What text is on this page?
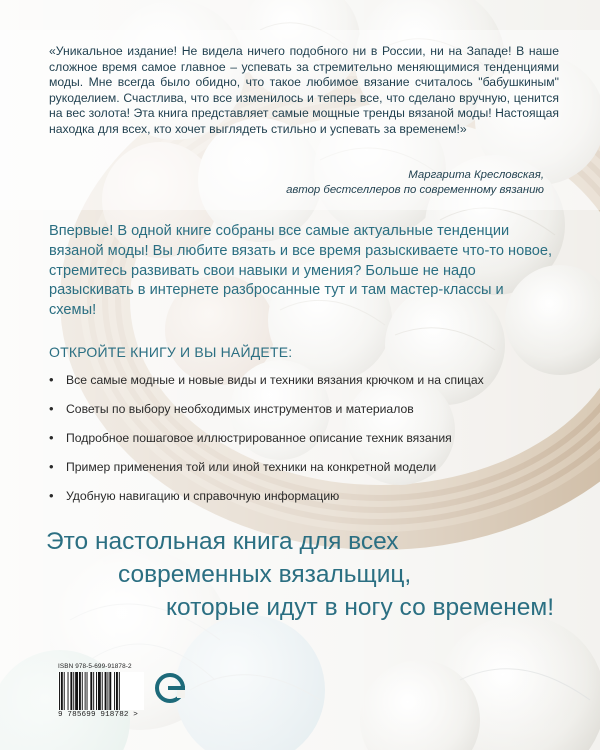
«Уникальное издание! Не видела ничего подобного ни в России, ни на Западе! В наше сложное время самое главное – успевать за стремительно меняющимися тенденциями моды. Мне всегда было обидно, что такое любимое вязание считалось "бабушкиным" рукоделием. Счастлива, что все изменилось и теперь все, что сделано вручную, ценится на вес золота! Эта книга представляет самые мощные тренды вязаной моды! Настоящая находка для всех, кто хочет выглядеть стильно и успевать за временем!»

Маргарита Кресловская,
автор бестселлеров по современному вязанию
Впервые! В одной книге собраны все самые актуальные тенденции вязаной моды! Вы любите вязать и все время разыскиваете что-то новое, стремитесь развивать свои навыки и умения? Больше не надо разыскивать в интернете разбросанные тут и там мастер-классы и схемы!
ОТКРОЙТЕ КНИГУ И ВЫ НАЙДЕТЕ:
• Все самые модные и новые виды и техники вязания крючком и на спицах
• Советы по выбору необходимых инструментов и материалов
• Подробное пошаговое иллюстрированное описание техник вязания
• Пример применения той или иной техники на конкретной модели
• Удобную навигацию и справочную информацию
Это настольная книга для всех
современных вязальщиц,
которые идут в ногу со временем!
ISBN 978-5-699-91878-2
9 785699 918782 >
